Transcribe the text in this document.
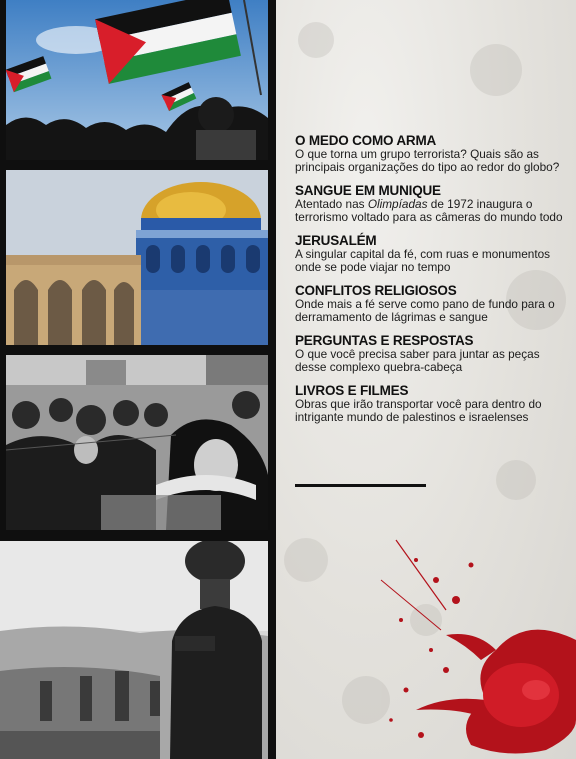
O MEDO COMO ARMA

O que torna um grupo terrorista? Quais são as principais organizações do tipo ao redor do globo?

SANGUE EM MUNIQUE

Atentado nas Olimpíadas de 1972 inaugura o terrorismo voltado para as câmeras do mundo todo

JERUSALÉM

A singular capital da fé, com ruas e monumentos onde se pode viajar no tempo

CONFLITOS RELIGIOSOS

Onde mais a fé serve como pano de fundo para o derramamento de lágrimas e sangue

PERGUNTAS E RESPOSTAS

O que você precisa saber para juntar as peças desse complexo quebra-cabeça

LIVROS E FILMES

Obras que irão transportar você para dentro do intrigante mundo de palestinos e israelenses
